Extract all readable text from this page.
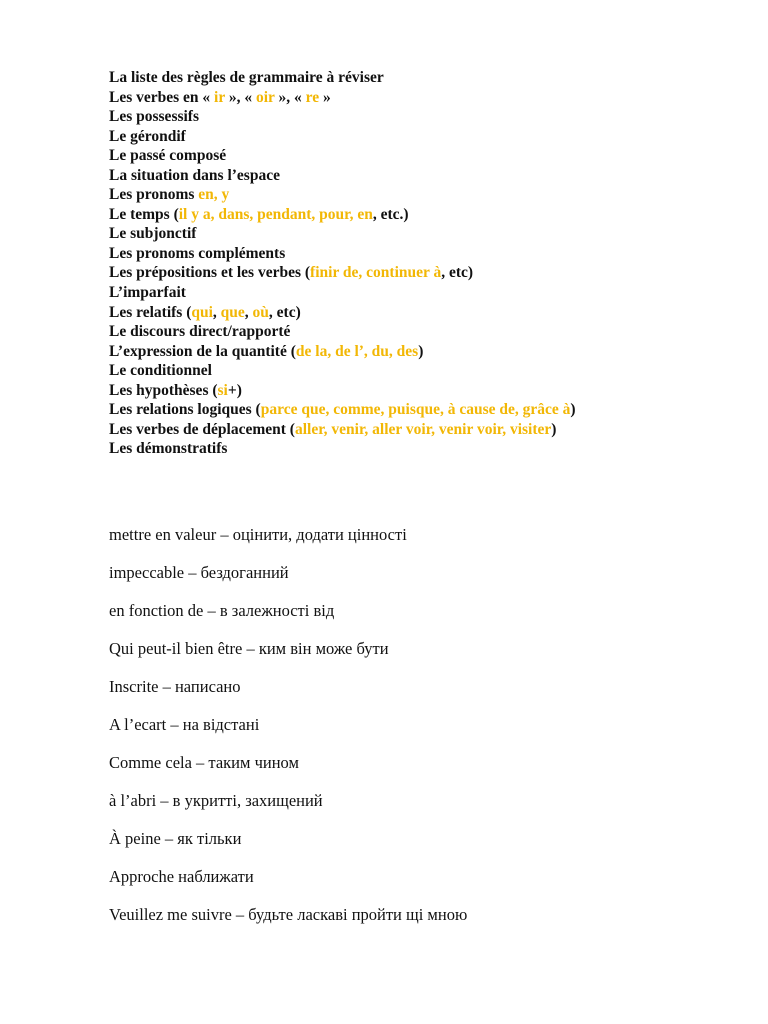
La liste des règles de grammaire à réviser
Les verbes en « ir », « oir », « re »
Les possessifs
Le gérondif
Le passé composé
La situation dans l’espace
Les pronoms en, y
Le temps (il y a, dans, pendant, pour, en, etc.)
Le subjonctif
Les pronoms compléments
Les prépositions et les verbes (finir de, continuer à, etc)
L’imparfait
Les relatifs (qui, que, où, etc)
Le discours direct/rapporté
L’expression de la quantité (de la, de l’, du, des)
Le conditionnel
Les hypothèses (si+)
Les relations logiques (parce que, comme, puisque, à cause de, grâce à)
Les verbes de déplacement (aller, venir, aller voir, venir voir, visiter)
Les démonstratifs
mettre en valeur – оцінити, додати цінності
impeccable – бездоганний
en fonction de – в залежності від
Qui peut-il bien être – ким він може бути
Inscrite – написано
A l’ecart – на відстані
Comme cela – таким чином
à l’abri – в укритті, захищений
À peine – як тільки
Approche наближати
Veuillez me suivre – будьте ласкаві пройти щі мною
